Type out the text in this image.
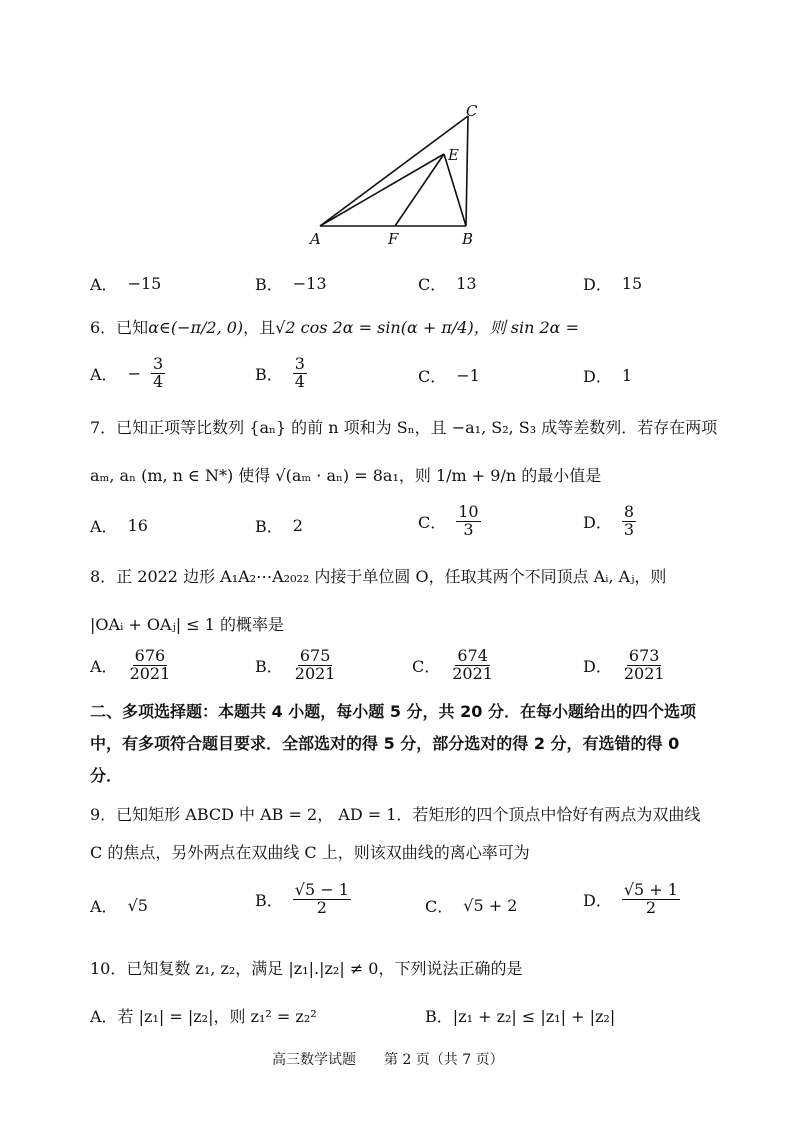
C
E
A	F	B
A． −15	B． −13	C． 13	D． 15
6．已知α∈(−π/2, 0)，且√2 cos 2α = sin(α + π/4)，则 sin 2α =
A． − $\frac{3}{4}$	B． $\frac{3}{4}$	C． −1	D． 1
7．已知正项等比数列 {aₙ} 的前 n 项和为 Sₙ，且 −a₁, S₂, S₃ 成等差数列．若存在两项
aₘ, aₙ (m, n ∈ N*) 使得 √(aₘ · aₙ) = 8a₁，则 1/m + 9/n 的最小值是
A． 16	B． 2	C． $\frac{10}{3}$	D． $\frac{8}{3}$
8．正 2022 边形 A₁A₂⋯A₂₀₂₂ 内接于单位圆 O，任取其两个不同顶点 Aᵢ, Aⱼ，则
|OAᵢ + OAⱼ| ≤ 1 的概率是
A． $\frac{676}{2021}$	B． $\frac{675}{2021}$	C． $\frac{674}{2021}$	D． $\frac{673}{2021}$
二、多项选择题：本题共 4 小题，每小题 5 分，共 20 分．在每小题给出的四个选项
中，有多项符合题目要求．全部选对的得 5 分，部分选对的得 2 分，有选错的得 0
分．
9．已知矩形 ABCD 中 AB = 2， AD = 1．若矩形的四个顶点中恰好有两点为双曲线
C 的焦点，另外两点在双曲线 C 上，则该双曲线的离心率可为
A． √5	B． $\frac{√5 - 1}{2}$	C． √5 + 2	D． $\frac{√5 + 1}{2}$
10．已知复数 z₁, z₂，满足 |z₁|.|z₂| ≠ 0，下列说法正确的是
A．若 |z₁| = |z₂|，则 z₁² = z₂²	B．|z₁ + z₂| ≤ |z₁| + |z₂|
高三数学试题　　第 2 页（共 7 页）
